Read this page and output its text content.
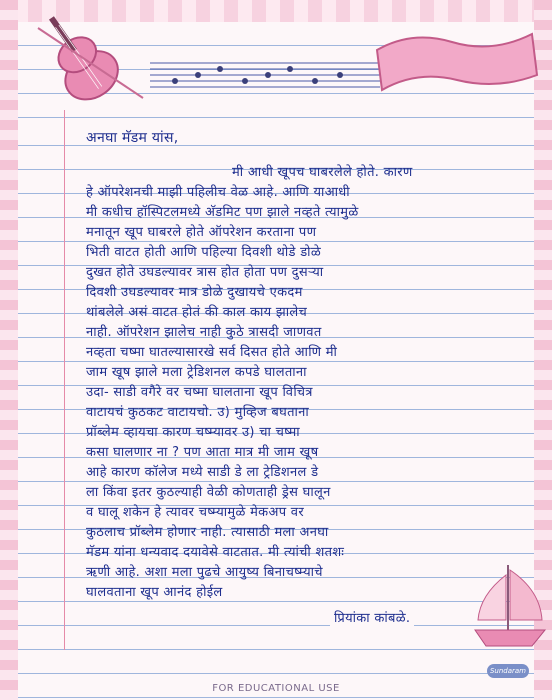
अनघा मॅडम यांस,
मी आधी खूपच घाबरलेले होते. कारण
हे ऑपरेशनची माझी पहिलीच वेळ आहे. आणि याआधी
मी कधीच हॉस्पिटलमध्ये अ‍ॅडमिट पण झाले नव्हते त्यामुळे
मनातून खूप घाबरले होते ऑपरेशन करताना पण
भिती वाटत होती आणि पहिल्या दिवशी थोडे डोळे
दुखत होते उघडल्यावर त्रास होत होता पण दुसऱ्या
दिवशी उघडल्यावर मात्र डोळे दुखायचे एकदम
थांबलेले असं वाटत होतं की काल काय झालेच
नाही. ऑपरेशन झालेच नाही कुठे त्रासदी जाणवत
नव्हता चष्मा घातल्यासारखे सर्व दिसत होते आणि मी
जाम खूष झाले मला ट्रेडिशनल कपडे घालताना
उदा- साडी वगैरे वर चष्मा घालताना खूप विचित्र
वाटायचं कुठकट वाटायचो. उ) मुव्हिज बघताना
प्रॉब्लेम व्हायचा कारण चष्म्यावर उ) चा चष्मा
कसा घालणार ना ? पण आता मात्र मी जाम खूष
आहे कारण कॉलेज मध्ये साडी डे ला ट्रेडिशनल डे
ला किंवा इतर कुठल्याही वेळी कोणताही ड्रेस घालून
व घालू शकेन हे त्यावर चष्म्यामुळे मेकअप वर
कुठलाच प्रॉब्लेम होणार नाही. त्यासाठी मला अनघा
मॅडम यांना धन्यवाद दयावेसे वाटतात. मी त्यांची शतशः
ऋणी आहे. अशा मला पुढचे आयुष्य बिनाचष्म्याचे
घालवताना खूप आनंद होईल
प्रियांका कांबळे.
Sundaram
FOR EDUCATIONAL USE
